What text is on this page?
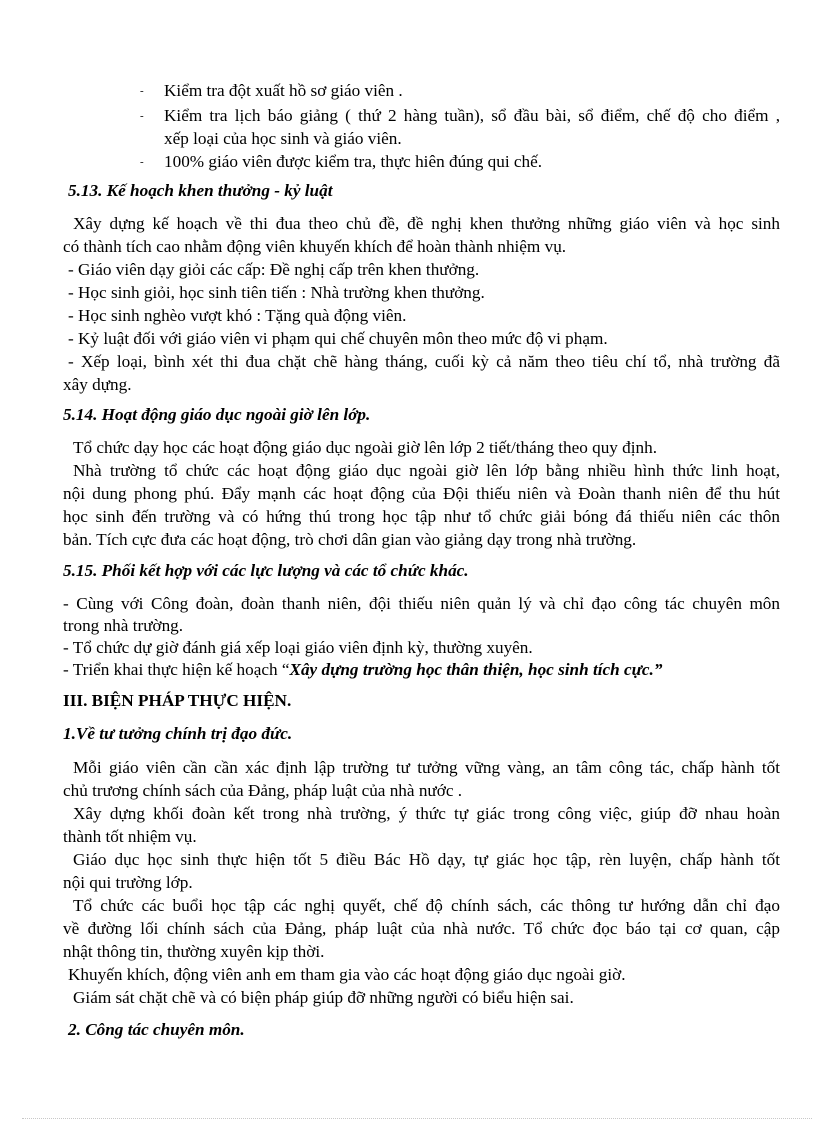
- Kiểm tra đột xuất hồ sơ giáo viên .
- Kiểm tra lịch báo giảng ( thứ 2 hàng tuần), sổ đầu bài, sổ điểm, chế độ cho điểm ,
xếp loại của học sinh và giáo viên.
- 100% giáo viên được kiểm tra, thực hiên đúng qui chế.
5.13. Kế hoạch khen thưởng - kỷ luật
Xây dựng kế hoạch về thi đua theo chủ đề, đề nghị khen thưởng những giáo viên và học sinh
có thành tích cao nhằm động viên khuyến khích để hoàn thành nhiệm vụ.
- Giáo viên dạy giỏi các cấp: Đề nghị cấp trên khen thưởng.
- Học sinh giỏi, học sinh tiên tiến : Nhà trường khen thưởng.
- Học sinh nghèo vượt khó : Tặng quà động viên.
- Kỷ luật đối với giáo viên vi phạm qui chế chuyên môn theo mức độ vi phạm.
- Xếp loại, bình xét thi đua chặt chẽ hàng tháng, cuối kỳ cả năm theo tiêu chí tổ, nhà trường đã
xây dựng.
5.14. Hoạt động giáo dục ngoài giờ lên lớp.
Tổ chức dạy học các hoạt động giáo dục ngoài giờ lên lớp 2 tiết/tháng theo quy định.
Nhà trường tổ chức các hoạt động giáo dục ngoài giờ lên lớp bằng nhiều hình thức linh hoạt,
nội dung phong phú. Đẩy mạnh các hoạt động của Đội thiếu niên và Đoàn thanh niên để thu hút
học sinh đến trường và có hứng thú trong học tập như tổ chức giải bóng đá thiếu niên các thôn
bản. Tích cực đưa các hoạt động, trò chơi dân gian vào giảng dạy trong nhà trường.
5.15. Phối kết hợp với các lực lượng và các tổ chức khác.
- Cùng với Công đoàn, đoàn thanh niên, đội thiếu niên quản lý và chỉ đạo công tác chuyên môn
trong nhà trường.
- Tổ chức dự giờ đánh giá xếp loại giáo viên định kỳ, thường xuyên.
- Triển khai thực hiện kế hoạch “Xây dựng trường học thân thiện, học sinh tích cực.”
III. BIỆN PHÁP THỰC HIỆN.
1.Về tư tưởng chính trị đạo đức.
Mỗi giáo viên cần cần xác định lập trường tư tưởng vững vàng, an tâm công tác, chấp hành tốt
chủ trương chính sách của Đảng, pháp luật của nhà nước .
Xây dựng khối đoàn kết trong nhà trường, ý thức tự giác trong công việc, giúp đỡ nhau hoàn
thành tốt nhiệm vụ.
Giáo dục học sinh thực hiện tốt 5 điều Bác Hồ dạy, tự giác học tập, rèn luyện, chấp hành tốt
nội qui trường lớp.
Tổ chức các buổi học tập các nghị quyết, chế độ chính sách, các thông tư hướng dẫn chỉ đạo
về đường lối chính sách của Đảng, pháp luật của nhà nước. Tổ chức đọc báo tại cơ quan, cập
nhật thông tin, thường xuyên kịp thời.
Khuyến khích, động viên anh em tham gia vào các hoạt động giáo dục ngoài giờ.
Giám sát chặt chẽ và có biện pháp giúp đỡ những người có biểu hiện sai.
2. Công tác chuyên môn.
